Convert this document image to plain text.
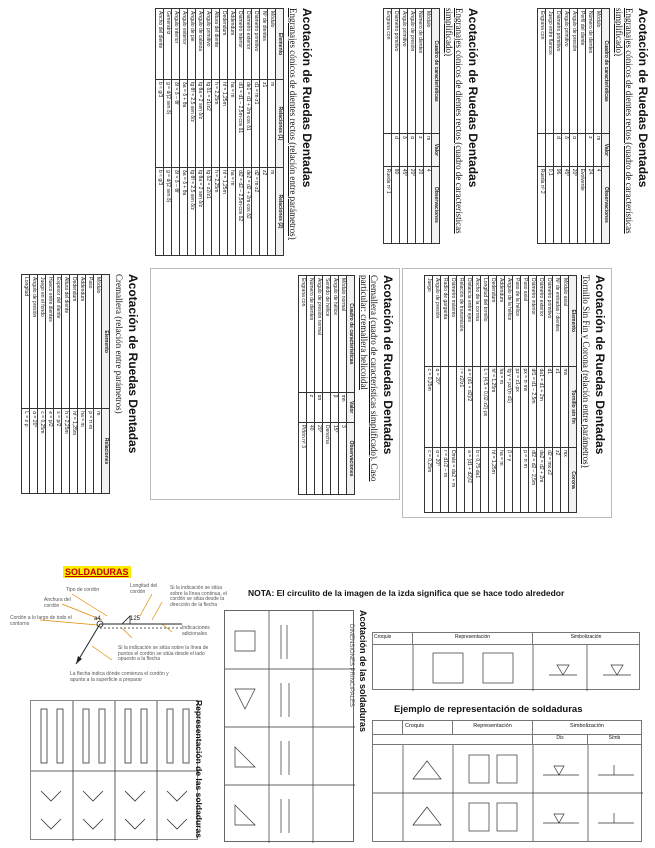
Acotación de Ruedas Dentadas
Engranajes cónicos de dientes rectos (cuadro de características simplificado)
Cuadro de características	Valor	Observaciones
Módulo	m	4
Número de dientes	z	24
Perfil del diente		Evolvente
Ángulo de presión	α	20°
Ángulo primitivo	δ	45°
Diámetro primitivo	d	96
Juego entre flancos		0,1
Engrana con		Rueda nº 2
Acotación de Ruedas Dentadas
Engranajes cónicos de dientes rectos (cuadro de características simplificado)
Cuadro de características	Valor	Observaciones
Módulo	m	4
Número de dientes	z	20
Ángulo de presión	α	20°
Ángulo primitivo	δ	45°
Diámetro primitivo	d	80
Engrana con		Rueda nº 1
Acotación de Ruedas Dentadas
Engranajes cónicos de dientes rectos (relación entre parámetros)
Elemento	Relaciones (1)	Relaciones (2)
Módulo	m	m
Nº de dientes	z1	z2
Diámetro primitivo	d1 = m·z1	d2 = m·z2
Diámetro exterior	de1 = d1 + 2m·cos δ1	de2 = d2 + 2m·cos δ2
Diámetro interior	di1 = d1 − 2,5m·cos δ1	di2 = d2 − 2,5m·cos δ2
Addendum	ha = m	ha = m
Dedendum	hf = 1,25m	hf = 1,25m
Altura del diente	h = 2,25m	h = 2,25m
Ángulo primitivo	tg δ1 = z1/z2	tg δ2 = z2/z1
Ángulo de cabeza	tg θa = 2 sen δ/z	tg θa = 2 sen δ/z
Ángulo de pie	tg θf = 2,5 sen δ/z	tg θf = 2,5 sen δ/z
Ángulo exterior	δa = δ + θa	δa = δ + θa
Ángulo interior	δf = δ − θf	δf = δ − θf
Generatriz	g = d/(2 sen δ)	g = d/(2 sen δ)
Ancho del diente	b ≈ g/3	b ≈ g/3
Acotación de Ruedas Dentadas
Tornillo Sin Fin y Corona (relación entre parámetros)
Elemento	Tornillo sin fin	Corona
Módulo axial	mx	mx
Nº de entradas / dientes	z1	z2
Diámetro primitivo	d1	d2 = mx·z2
Diámetro exterior	da1 = d1 + 2m	da2 = d2 + 2m
Diámetro interior	df1 = d1 − 2,5m	df2 = d2 − 2,5m
Paso axial	px = π·mx	p = π·m
Paso de la hélice	pz = z1·px	
Ángulo de la hélice	tg γ = pz/(π·d1)	β = γ
Addendum	ha = m	ha = m
Dedendum	hf = 1,25m	hf = 1,25m
Longitud del tornillo	L ≈ (4,5 + 0,02·z2)·px	
Ancho de la corona		b ≈ 0,75·da1
Distancia entre ejes	a = (d1 + d2)/2	a = (d1 + d2)/2
Relación de transmisión	i = z2/z1	
Diámetro máximo		Dmáx = da2 + m
Radio de garganta		r = d1/2 − m
Ángulo de presión	α = 20°	α = 20°
Juego	c = 0,25m	c = 0,25m
Acotación de Ruedas Dentadas
Cremallera (cuadro de características simplificado). Caso particular: cremallera helicoidal
Cuadro de características	Valor	Observaciones
Módulo normal	mn	3
Ángulo de hélice	β	15°
Sentido de hélice		Derecha
Ángulo de presión normal	αn	20°
Número de dientes	z	40
Engrana con		Piñón nº 3
Acotación de Ruedas Dentadas
Cremallera (relación entre parámetros)
Elemento	Relaciones
Módulo	m
Paso	p = π·m
Addendum	ha = m
Dedendum	hf = 1,25m
Altura del diente	h = 2,25m
Espesor del diente	s = p/2
Hueco entre dientes	e = p/2
Juego en el fondo	c = 0,25m
Ángulo de presión	α = 20°
Longitud	L = z·p
SOLDADURAS
NOTA: El circulito de la imagen de la izda significa que se hace todo alrededor
a4	125
Tipo de cordón
Longitud del cordón
Si la indicación se sitúa sobre la línea continua, el cordón se sitúa desde la dirección de la flecha
Anchura del cordón
Cordón a lo largo de todo el contorno
Indicaciones adicionales
Si la indicación se sitúa sobre la línea de puntos el cordón se sitúa desde el lado opuesto a la flecha
La flecha indica dónde comienza el cordón y apunta a la superficie a preparar
Representación de las soldaduras
Acotación de las soldaduras
DIMENSIONES PRINCIPALES	Croquis	Representación	Simbolización
Ejemplo de representación de soldaduras
Croquis	Representación	Simbolización
Dis	Símb
